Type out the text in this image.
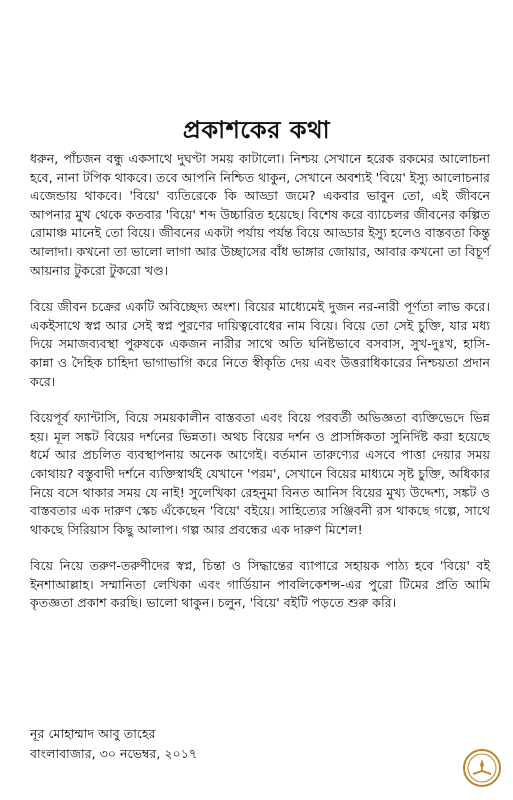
প্রকাশকের কথা

ধরুন, পাঁচজন বন্ধু একসাথে দুঘণ্টা সময় কাটালো। নিশ্চয় সেখানে হরেক রকমের আলোচনা হবে, নানা টপিক থাকবে। তবে আপনি নিশ্চিত থাকুন, সেখানে অবশ্যই 'বিয়ে' ইস্যু আলোচনার এজেন্ডায় থাকবে। 'বিয়ে' ব্যতিরেকে কি আড্ডা জমে? একবার ভাবুন তো, এই জীবনে আপনার মুখ থেকে কতবার 'বিয়ে' শব্দ উচ্চারিত হয়েছে। বিশেষ করে ব্যাচেলর জীবনের কল্পিত রোমাঞ্চ মানেই তো বিয়ে। জীবনের একটা পর্যায় পর্যন্ত বিয়ে আড্ডার ইস্যু হলেও বাস্তবতা কিন্তু আলাদা। কখনো তা ভালো লাগা আর উচ্ছাসের বাঁধ ভাঙ্গার জোয়ার, আবার কখনো তা বিচূর্ণ আয়নার টুকরো টুকরো খণ্ড।

বিয়ে জীবন চক্রের একটি অবিচ্ছেদ্য অংশ। বিয়ের মাধ্যেমেই দুজন নর-নারী পূর্ণতা লাভ করে। একইসাথে স্বপ্ন আর সেই স্বপ্ন পুরণের দায়িত্ববোধের নাম বিয়ে। বিয়ে তো সেই চুক্তি, যার মধ্য দিয়ে সমাজব্যবস্থা পুরুষকে একজন নারীর সাথে অতি ঘনিষ্টভাবে বসবাস, সুখ-দুঃখ, হাসি-কান্না ও দৈহিক চাহিদা ভাগাভাগি করে নিতে স্বীকৃতি দেয় এবং উত্তরাধিকারের নিশ্চয়তা প্রদান করে।

বিয়েপূর্ব ফ্যান্টাসি, বিয়ে সময়কালীন বাস্তবতা এবং বিয়ে পরবর্তী অভিজ্ঞতা ব্যক্তিভেদে ভিন্ন হয়। মূল সঙ্কট বিয়ের দর্শনের ভিন্নতা। অথচ বিয়ের দর্শন ও প্রাসঙ্গিকতা সুনির্দিষ্ট করা হয়েছে ধর্মে আর প্রচলিত ব্যবস্থাপনায় অনেক আগেই। বর্তমান তারুণ্যের এসবে পাত্তা দেয়ার সময় কোথায়? বস্তুবাদী দর্শনে ব্যক্তিস্বার্থই যেখানে 'পরম', সেখানে বিয়ের মাধ্যমে সৃষ্ট চুক্তি, অধিকার নিয়ে বসে থাকার সময় যে নাই! সুলেখিকা রেহনুমা বিনত আনিস বিয়ের মুখ্য উদ্দেশ্য, সঙ্কট ও বাস্তবতার এক দারুণ স্কেচ এঁকেছেন 'বিয়ে' বইয়ে। সাহিত্যের সঞ্জিবনী রস থাকছে গল্পে, সাথে থাকছে সিরিয়াস কিছু আলাপ। গল্প আর প্রবন্ধের এক দারুণ মিশেল!

বিয়ে নিয়ে তরুণ-তরুণীদের স্বপ্ন, চিন্তা ও সিদ্ধান্তের ব্যাপারে সহায়ক পাঠ্য হবে 'বিয়ে' বই ইনশাআল্লাহ। সম্মানিতা লেখিকা এবং গার্ডিয়ান পাবলিকেশন্স-এর পুরো টিমের প্রতি আমি কৃতজ্ঞতা প্রকাশ করছি। ভালো থাকুন। চলুন, 'বিয়ে' বইটি পড়তে শুরু করি।

নূর মোহাম্মাদ আবু তাহের
বাংলাবাজার, ৩০ নভেম্বর, ২০১৭
